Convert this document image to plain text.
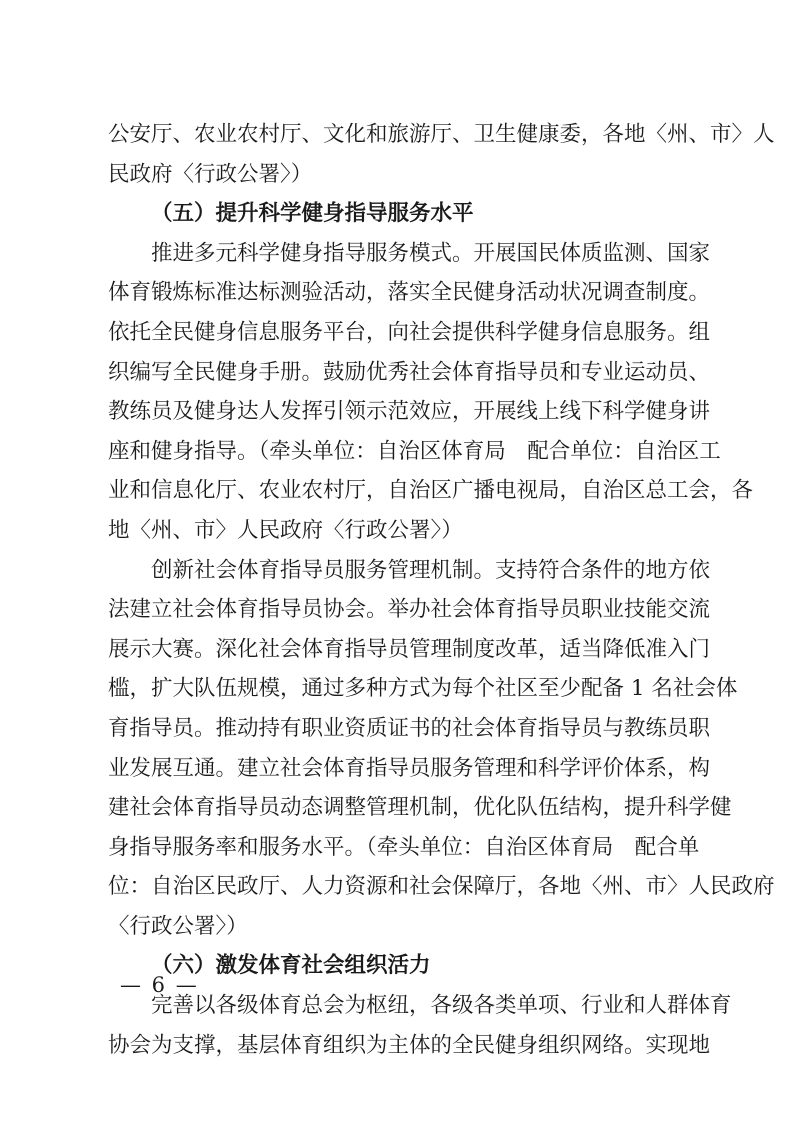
公安厅、农业农村厅、文化和旅游厅、卫生健康委，各地〈州、市〉人
民政府〈行政公署〉）
（五）提升科学健身指导服务水平
推进多元科学健身指导服务模式。开展国民体质监测、国家
体育锻炼标准达标测验活动，落实全民健身活动状况调查制度。
依托全民健身信息服务平台，向社会提供科学健身信息服务。组
织编写全民健身手册。鼓励优秀社会体育指导员和专业运动员、
教练员及健身达人发挥引领示范效应，开展线上线下科学健身讲
座和健身指导。（牵头单位：自治区体育局　配合单位：自治区工
业和信息化厅、农业农村厅，自治区广播电视局，自治区总工会，各
地〈州、市〉人民政府〈行政公署〉）
创新社会体育指导员服务管理机制。支持符合条件的地方依
法建立社会体育指导员协会。举办社会体育指导员职业技能交流
展示大赛。深化社会体育指导员管理制度改革，适当降低准入门
槛，扩大队伍规模，通过多种方式为每个社区至少配备 1 名社会体
育指导员。推动持有职业资质证书的社会体育指导员与教练员职
业发展互通。建立社会体育指导员服务管理和科学评价体系，构
建社会体育指导员动态调整管理机制，优化队伍结构，提升科学健
身指导服务率和服务水平。（牵头单位：自治区体育局　配合单
位：自治区民政厅、人力资源和社会保障厅，各地〈州、市〉人民政府
〈行政公署〉）
（六）激发体育社会组织活力
完善以各级体育总会为枢纽，各级各类单项、行业和人群体育
协会为支撑，基层体育组织为主体的全民健身组织网络。实现地
— 6 —
